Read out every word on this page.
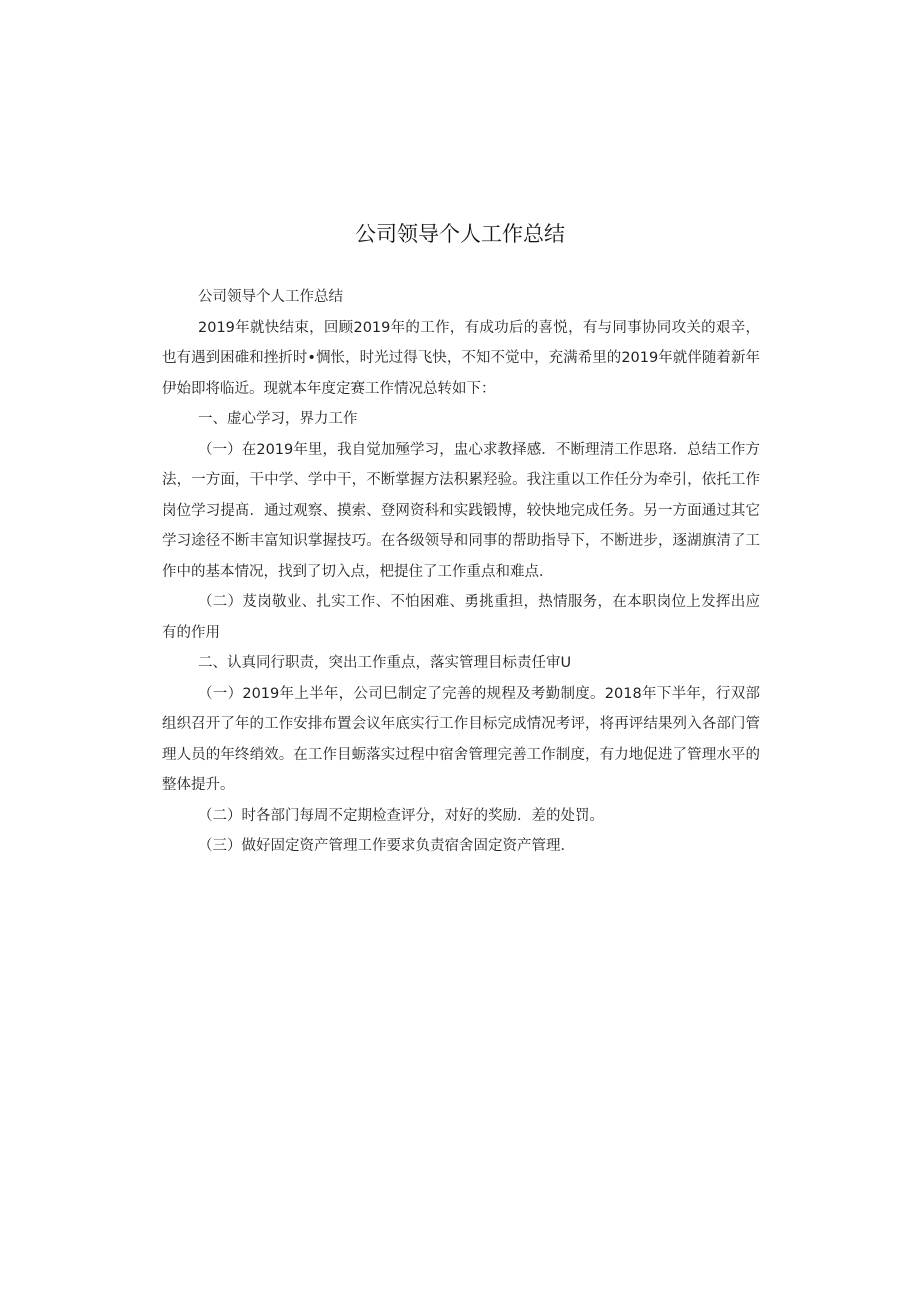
公司领导个人工作总结

公司领导个人工作总结

2019年就快结束，回顾2019年的工作，有成功后的喜悦，有与同事协同攻关的艰辛，也有遇到困碓和挫折时•惆怅，时光过得飞快，不知不觉中，充满希里的2019年就伴随着新年伊始即将临近。现就本年度定赛工作情况总转如下：

一、虚心学习，界力工作

（一）在2019年里，我自觉加殛学习，盅心求教择感．不断理清工作思珞．总结工作方法，一方面，干中学、学中干，不断掌握方法积累羟验。我注重以工作任分为牵引，依托工作岗位学习提髙．通过观察、摸索、登网资科和实践锻博，较快地完成任务。另一方面通过其它学习途径不断丰富知识掌握技巧。在各级领导和同事的帮助指导下，不断进步，逐湖旗清了工作中的基本情况，找到了切入点，杷提住了工作重点和难点．

（二）芨岗敬业、扎实工作、不怕困难、勇挑重担，热情服务，在本职岗位上发挥出应有的作用

二、认真同行职责，突出工作重点，落实管理目标责任审U

（一）2019年上半年，公司巳制定了完善的规程及考勤制度。2018年下半年，行双部组织召开了年的工作安排布置会议年底实行工作目标完成情况考评，将再评结果列入各部门管理人员的年终绡效。在工作目蛎落实过程中宿舍管理完善工作制度，有力地促进了管理水平的整体提升。

（二）时各部门每周不定期检查评分，对好的奖励．差的处罚。

（三）做好固定资产管理工作要求负责宿舍固定资产管理．
